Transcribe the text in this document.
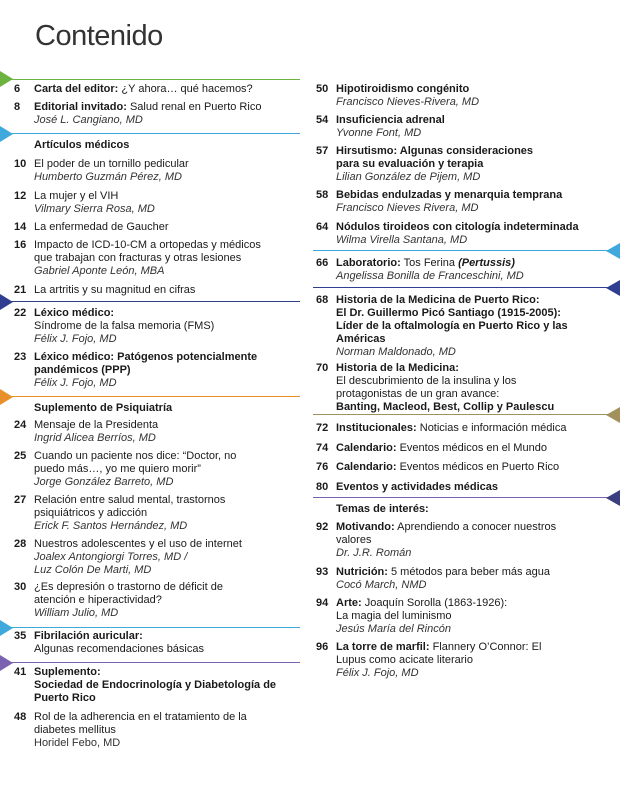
Contenido
6 Carta del editor: ¿Y ahora… qué hacemos?
8 Editorial invitado: Salud renal en Puerto Rico
José L. Cangiano, MD
Artículos médicos
10 El poder de un tornillo pedicular
Humberto Guzmán Pérez, MD
12 La mujer y el VIH
Vilmary Sierra Rosa, MD
14 La enfermedad de Gaucher
16 Impacto de ICD-10-CM a ortopedas y médicos
que trabajan con fracturas y otras lesiones
Gabriel Aponte León, MBA
21 La artritis y su magnitud en cifras
22 Léxico médico:
Síndrome de la falsa memoria (FMS)
Félix J. Fojo, MD
23 Léxico médico: Patógenos potencialmente
pandémicos (PPP)
Félix J. Fojo, MD
Suplemento de Psiquiatría
24 Mensaje de la Presidenta
Ingrid Alicea Berríos, MD
25 Cuando un paciente nos dice: “Doctor, no
puedo más…, yo me quiero morir”
Jorge González Barreto, MD
27 Relación entre salud mental, trastornos
psiquiátricos y adicción
Erick F. Santos Hernández, MD
28 Nuestros adolescentes y el uso de internet
Joalex Antongiorgi Torres, MD /
Luz Colón De Marti, MD
30 ¿Es depresión o trastorno de déficit de
atención e hiperactividad?
William Julio, MD
35 Fibrilación auricular:
Algunas recomendaciones básicas
41 Suplemento:
Sociedad de Endocrinología y Diabetología de
Puerto Rico
48 Rol de la adherencia en el tratamiento de la
diabetes mellitus
Horidel Febo, MD
50 Hipotiroidismo congénito
Francisco Nieves-Rivera, MD
54 Insuficiencia adrenal
Yvonne Font, MD
57 Hirsutismo: Algunas consideraciones
para su evaluación y terapia
Lilian González de Pijem, MD
58 Bebidas endulzadas y menarquia temprana
Francisco Nieves Rivera, MD
64 Nódulos tiroideos con citología indeterminada
Wilma Virella Santana, MD
66 Laboratorio: Tos Ferina (Pertussis)
Angelissa Bonilla de Franceschini, MD
68 Historia de la Medicina de Puerto Rico:
El Dr. Guillermo Picó Santiago (1915-2005):
Líder de la oftalmología en Puerto Rico y las
Américas
Norman Maldonado, MD
70 Historia de la Medicina:
El descubrimiento de la insulina y los
protagonistas de un gran avance:
Banting, Macleod, Best, Collip y Paulescu
72 Institucionales: Noticias e información médica
74 Calendario: Eventos médicos en el Mundo
76 Calendario: Eventos médicos en Puerto Rico
80 Eventos y actividades médicas
Temas de interés:
92 Motivando: Aprendiendo a conocer nuestros
valores
Dr. J.R. Román
93 Nutrición: 5 métodos para beber más agua
Cocó March, NMD
94 Arte: Joaquín Sorolla (1863-1926):
La magia del luminismo
Jesús María del Rincón
96 La torre de marfil: Flannery O’Connor: El
Lupus como acicate literario
Félix J. Fojo, MD
